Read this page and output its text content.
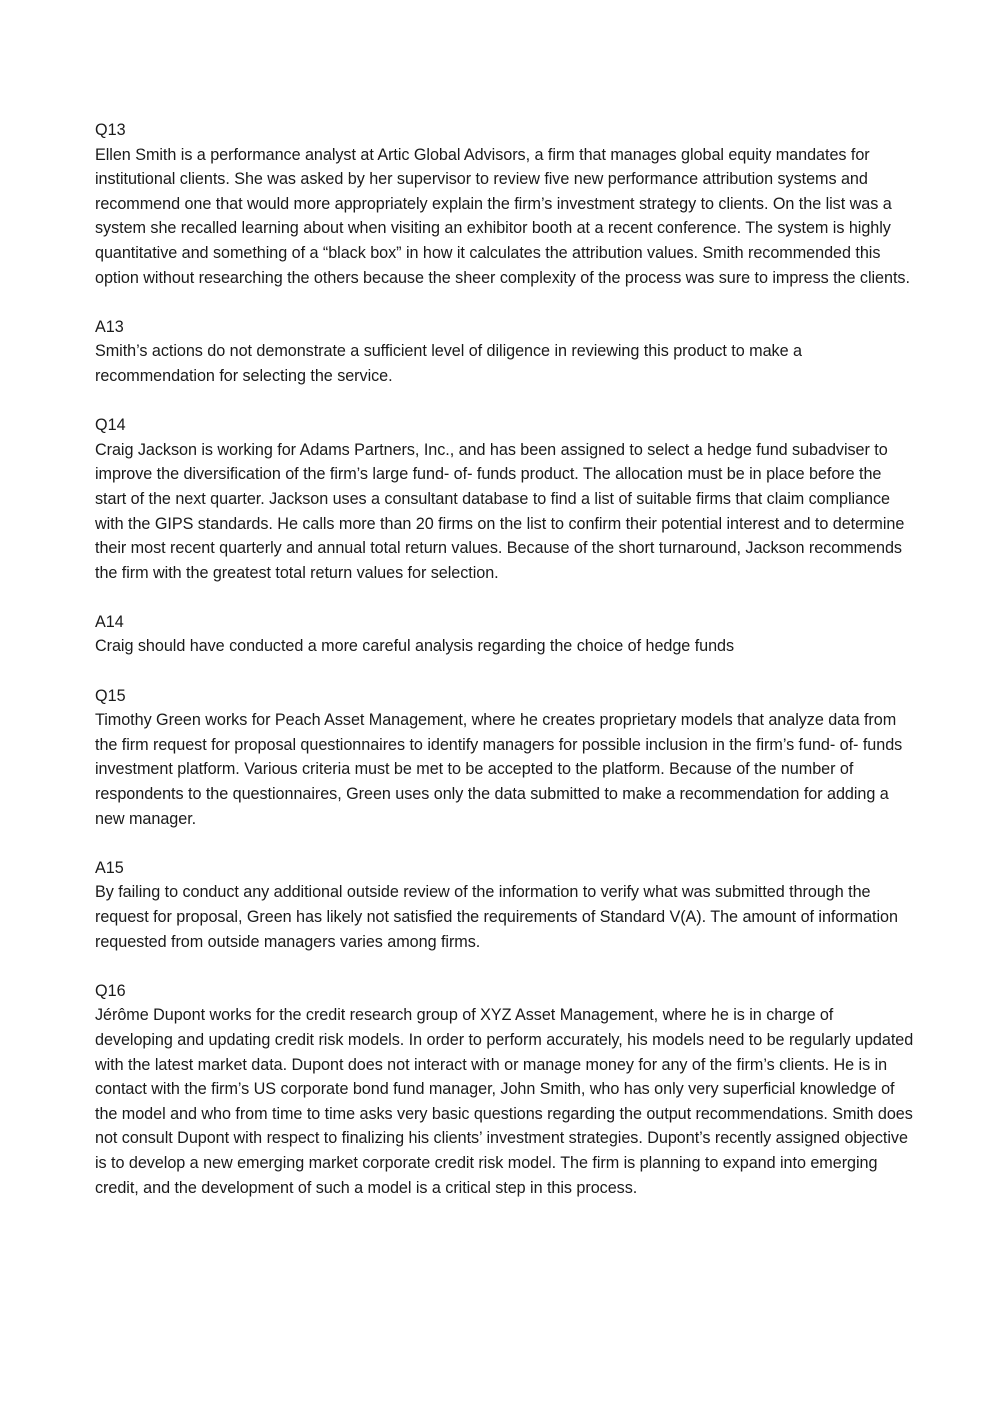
Q13
Ellen Smith is a performance analyst at Artic Global Advisors, a firm that manages global equity mandates for institutional clients. She was asked by her supervisor to review five new performance attribution systems and recommend one that would more appropriately explain the firm’s investment strategy to clients. On the list was a system she recalled learning about when visiting an exhibitor booth at a recent conference. The system is highly quantitative and something of a “black box” in how it calculates the attribution values. Smith recommended this option without researching the others because the sheer complexity of the process was sure to impress the clients.
A13
Smith’s actions do not demonstrate a sufficient level of diligence in reviewing this product to make a recommendation for selecting the service.
Q14
Craig Jackson is working for Adams Partners, Inc., and has been assigned to select a hedge fund subadviser to improve the diversification of the firm’s large fund- of- funds product. The allocation must be in place before the start of the next quarter. Jackson uses a consultant database to find a list of suitable firms that claim compliance with the GIPS standards. He calls more than 20 firms on the list to confirm their potential interest and to determine their most recent quarterly and annual total return values. Because of the short turnaround, Jackson recommends the firm with the greatest total return values for selection.
A14
Craig should have conducted a more careful analysis regarding the choice of hedge funds
Q15
Timothy Green works for Peach Asset Management, where he creates proprietary models that analyze data from the firm request for proposal questionnaires to identify managers for possible inclusion in the firm’s fund- of- funds investment platform. Various criteria must be met to be accepted to the platform. Because of the number of respondents to the questionnaires, Green uses only the data submitted to make a recommendation for adding a new manager.
A15
By failing to conduct any additional outside review of the information to verify what was submitted through the request for proposal, Green has likely not satisfied the requirements of Standard V(A). The amount of information requested from outside managers varies among firms.
Q16
Jérôme Dupont works for the credit research group of XYZ Asset Management, where he is in charge of developing and updating credit risk models. In order to perform accurately, his models need to be regularly updated with the latest market data. Dupont does not interact with or manage money for any of the firm’s clients. He is in contact with the firm’s US corporate bond fund manager, John Smith, who has only very superficial knowledge of the model and who from time to time asks very basic questions regarding the output recommendations. Smith does not consult Dupont with respect to finalizing his clients’ investment strategies. Dupont’s recently assigned objective is to develop a new emerging market corporate credit risk model. The firm is planning to expand into emerging credit, and the development of such a model is a critical step in this process.
